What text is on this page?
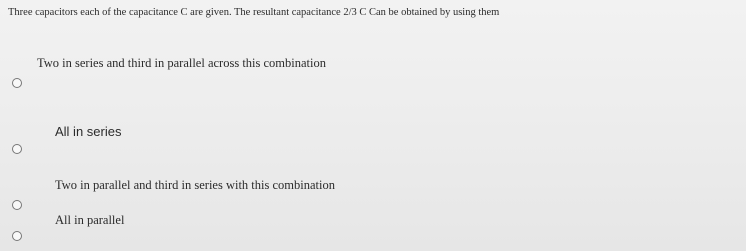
Three capacitors each of the capacitance C are given. The resultant capacitance 2/3 C Can be obtained by using them
Two in series and third in parallel across this combination
All in series
Two in parallel and third in series with this combination
All in parallel
